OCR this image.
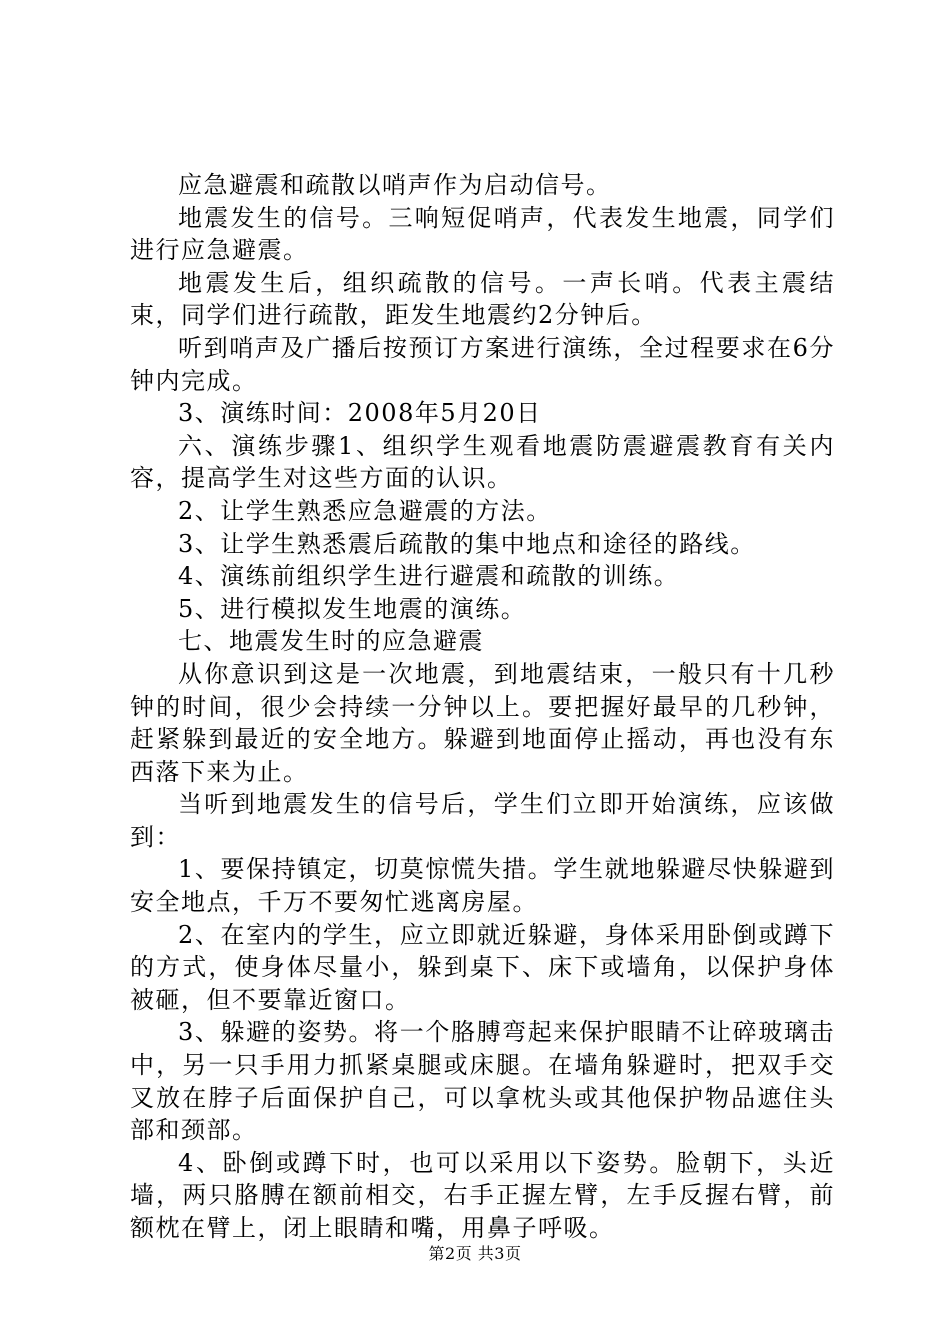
应急避震和疏散以哨声作为启动信号。

地震发生的信号。三响短促哨声，代表发生地震，同学们进行应急避震。

地震发生后，组织疏散的信号。一声长哨。代表主震结束，同学们进行疏散，距发生地震约2分钟后。

听到哨声及广播后按预订方案进行演练，全过程要求在6分钟内完成。

3、演练时间：2008年5月20日

六、演练步骤1、组织学生观看地震防震避震教育有关内容，提高学生对这些方面的认识。

2、让学生熟悉应急避震的方法。

3、让学生熟悉震后疏散的集中地点和途径的路线。

4、演练前组织学生进行避震和疏散的训练。

5、进行模拟发生地震的演练。

七、地震发生时的应急避震

从你意识到这是一次地震，到地震结束，一般只有十几秒钟的时间，很少会持续一分钟以上。要把握好最早的几秒钟，赶紧躲到最近的安全地方。躲避到地面停止摇动，再也没有东西落下来为止。

当听到地震发生的信号后，学生们立即开始演练，应该做到：

1、要保持镇定，切莫惊慌失措。学生就地躲避尽快躲避到安全地点，千万不要匆忙逃离房屋。

2、在室内的学生，应立即就近躲避，身体采用卧倒或蹲下的方式，使身体尽量小，躲到桌下、床下或墙角，以保护身体被砸，但不要靠近窗口。

3、躲避的姿势。将一个胳膊弯起来保护眼睛不让碎玻璃击中，另一只手用力抓紧桌腿或床腿。在墙角躲避时，把双手交叉放在脖子后面保护自己，可以拿枕头或其他保护物品遮住头部和颈部。

4、卧倒或蹲下时，也可以采用以下姿势。脸朝下，头近墙，两只胳膊在额前相交，右手正握左臂，左手反握右臂，前额枕在臂上，闭上眼睛和嘴，用鼻子呼吸。

第2页 共3页
